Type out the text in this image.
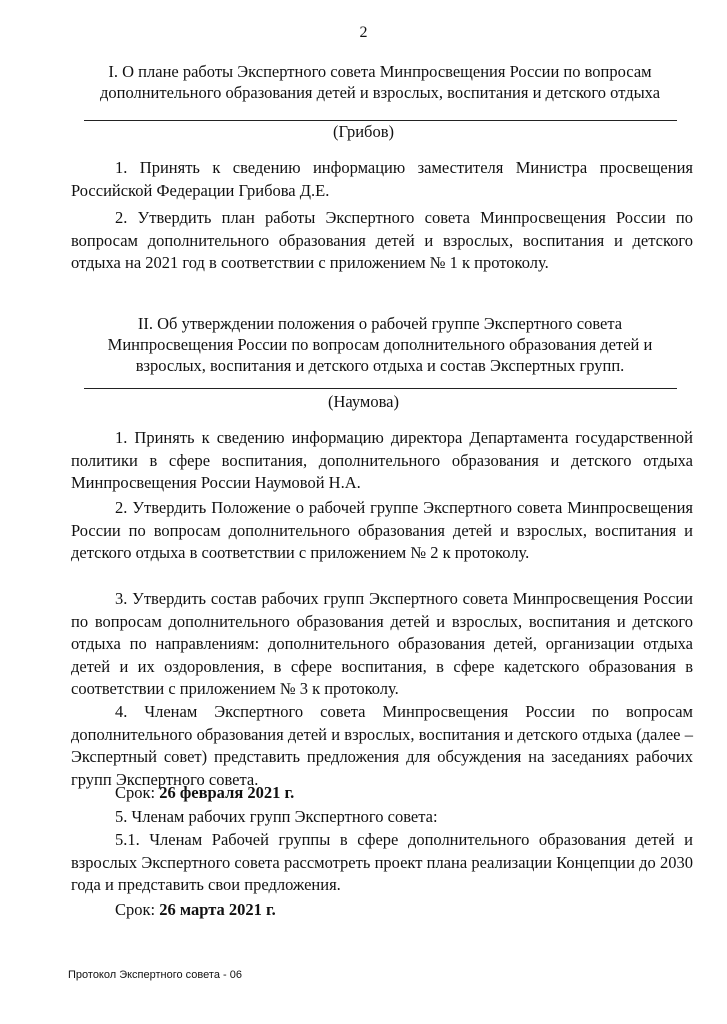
2
I. О плане работы Экспертного совета Минпросвещения России по вопросам
дополнительного образования детей и взрослых, воспитания и детского отдыха
(Грибов)
1. Принять к сведению информацию заместителя Министра просвещения Российской Федерации Грибова Д.Е.
2. Утвердить план работы Экспертного совета Минпросвещения России по вопросам дополнительного образования детей и взрослых, воспитания и детского отдыха на 2021 год в соответствии с приложением № 1 к протоколу.
II. Об утверждении положения о рабочей группе Экспертного совета
Минпросвещения России по вопросам дополнительного образования детей и
взрослых, воспитания и детского отдыха и состав Экспертных групп.
(Наумова)
1. Принять к сведению информацию директора Департамента государственной политики в сфере воспитания, дополнительного образования и детского отдыха Минпросвещения России Наумовой Н.А.
2. Утвердить Положение о рабочей группе Экспертного совета Минпросвещения России по вопросам дополнительного образования детей и взрослых, воспитания и детского отдыха в соответствии с приложением № 2 к протоколу.
3. Утвердить состав рабочих групп Экспертного совета Минпросвещения России по вопросам дополнительного образования детей и взрослых, воспитания и детского отдыха по направлениям: дополнительного образования детей, организации отдыха детей и их оздоровления, в сфере воспитания, в сфере кадетского образования в соответствии с приложением № 3 к протоколу.
4. Членам Экспертного совета Минпросвещения России по вопросам дополнительного образования детей и взрослых, воспитания и детского отдыха (далее – Экспертный совет) представить предложения для обсуждения на заседаниях рабочих групп Экспертного совета.
Срок: 26 февраля 2021 г.
5. Членам рабочих групп Экспертного совета:
5.1. Членам Рабочей группы в сфере дополнительного образования детей и взрослых Экспертного совета рассмотреть проект плана реализации Концепции до 2030 года и представить свои предложения.
Срок: 26 марта 2021 г.
Протокол Экспертного совета - 06
